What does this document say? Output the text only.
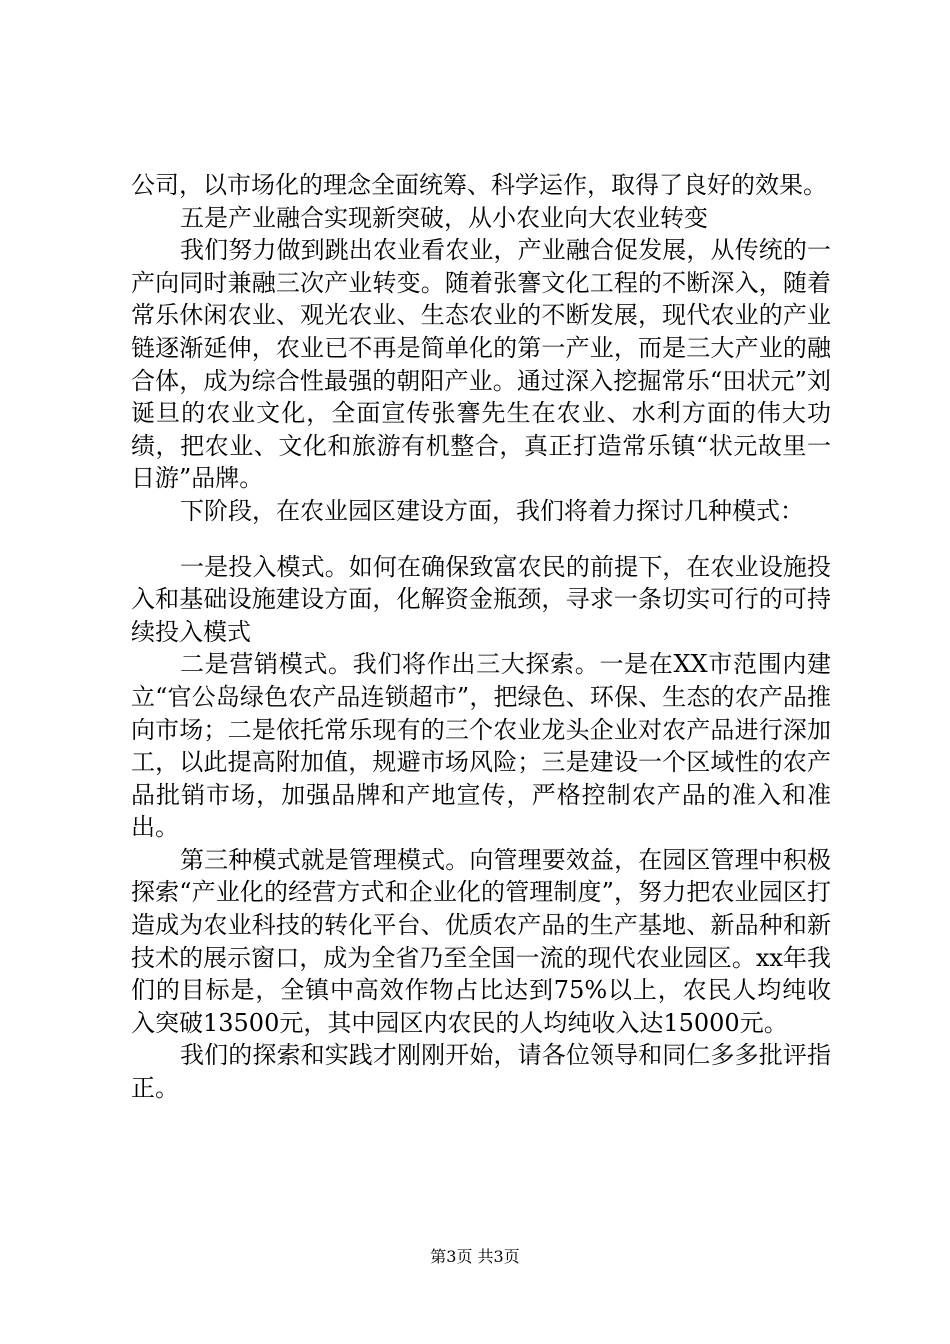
公司，以市场化的理念全面统筹、科学运作，取得了良好的效果。

五是产业融合实现新突破，从小农业向大农业转变

我们努力做到跳出农业看农业，产业融合促发展，从传统的一产向同时兼融三次产业转变。随着张謇文化工程的不断深入，随着常乐休闲农业、观光农业、生态农业的不断发展，现代农业的产业链逐渐延伸，农业已不再是简单化的第一产业，而是三大产业的融合体，成为综合性最强的朝阳产业。通过深入挖掘常乐“田状元”刘诞旦的农业文化，全面宣传张謇先生在农业、水利方面的伟大功绩，把农业、文化和旅游有机整合，真正打造常乐镇“状元故里一日游”品牌。

下阶段，在农业园区建设方面，我们将着力探讨几种模式：

一是投入模式。如何在确保致富农民的前提下，在农业设施投入和基础设施建设方面，化解资金瓶颈，寻求一条切实可行的可持续投入模式

二是营销模式。我们将作出三大探索。一是在XX市范围内建立“官公岛绿色农产品连锁超市”，把绿色、环保、生态的农产品推向市场；二是依托常乐现有的三个农业龙头企业对农产品进行深加工，以此提高附加值，规避市场风险；三是建设一个区域性的农产品批销市场，加强品牌和产地宣传，严格控制农产品的准入和准出。

第三种模式就是管理模式。向管理要效益，在园区管理中积极探索“产业化的经营方式和企业化的管理制度”，努力把农业园区打造成为农业科技的转化平台、优质农产品的生产基地、新品种和新技术的展示窗口，成为全省乃至全国一流的现代农业园区。xx年我们的目标是，全镇中高效作物占比达到75%以上，农民人均纯收入突破13500元，其中园区内农民的人均纯收入达15000元。

我们的探索和实践才刚刚开始，请各位领导和同仁多多批评指正。

第3页 共3页
